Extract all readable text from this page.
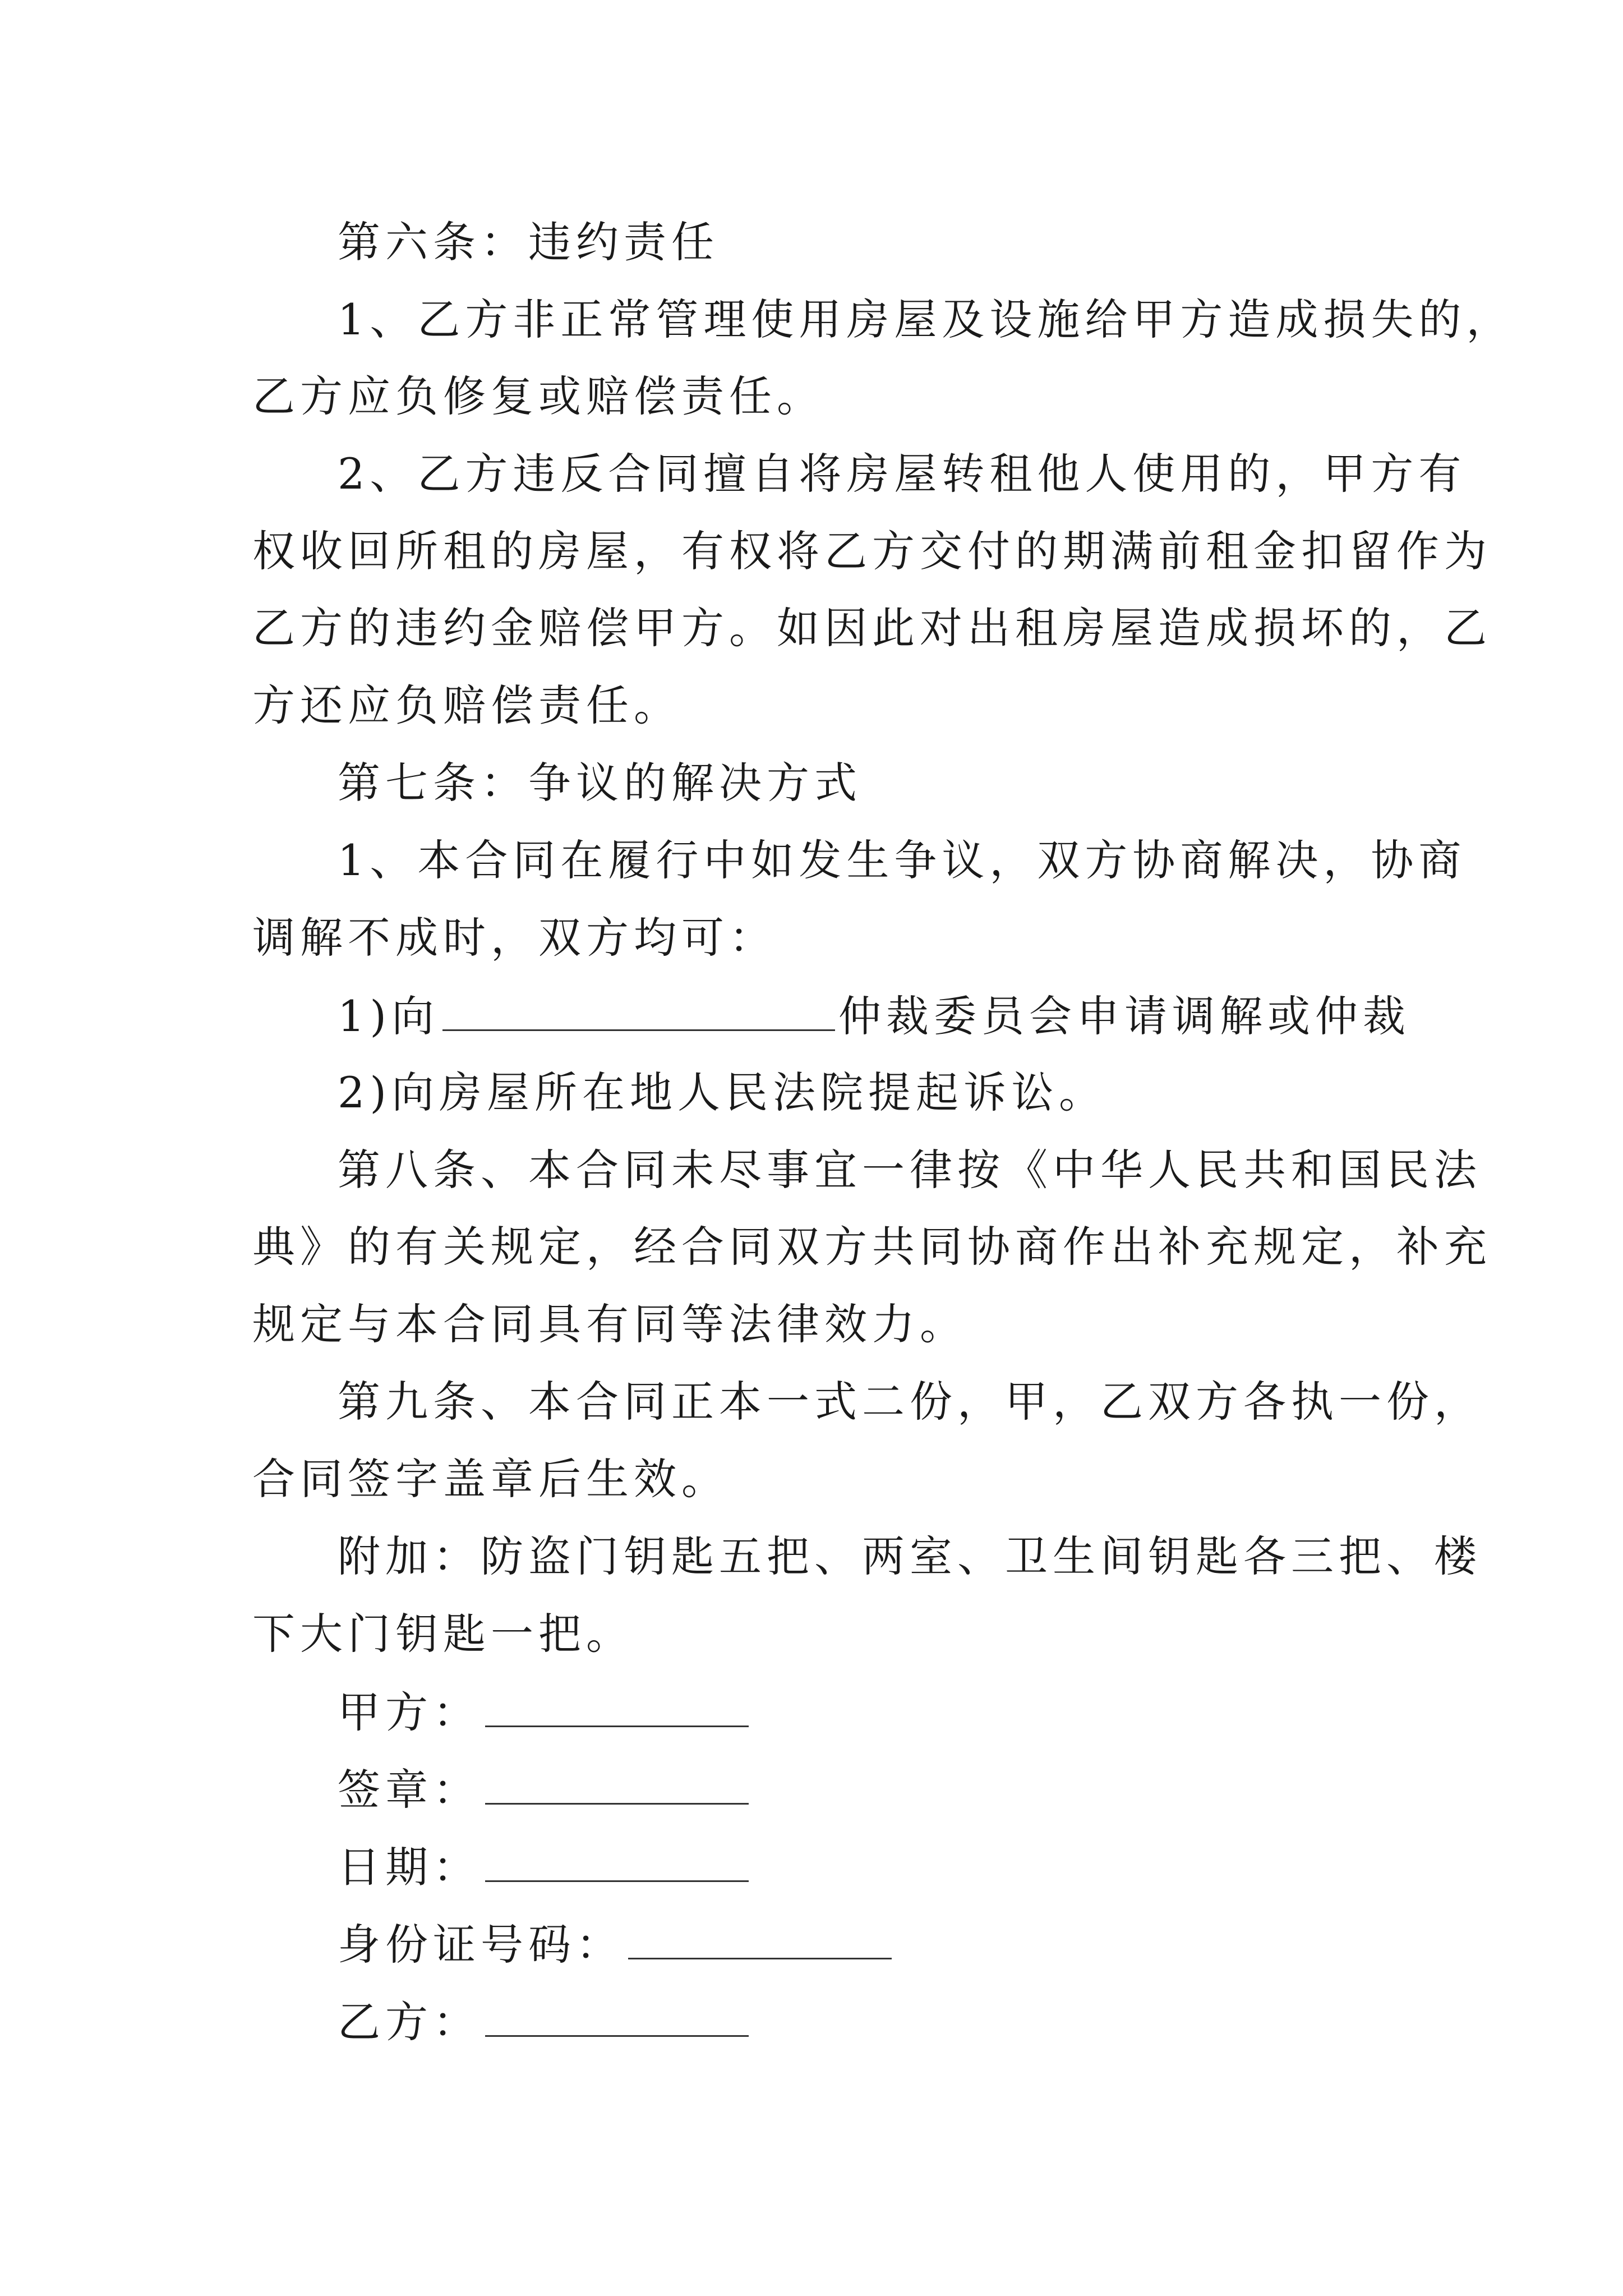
第六条：违约责任
1、乙方非正常管理使用房屋及设施给甲方造成损失的，
乙方应负修复或赔偿责任。
2、乙方违反合同擅自将房屋转租他人使用的，甲方有
权收回所租的房屋，有权将乙方交付的期满前租金扣留作为
乙方的违约金赔偿甲方。如因此对出租房屋造成损坏的，乙
方还应负赔偿责任。
第七条：争议的解决方式
1、本合同在履行中如发生争议，双方协商解决，协商
调解不成时，双方均可：
1)向	仲裁委员会申请调解或仲裁
2)向房屋所在地人民法院提起诉讼。
第八条、本合同未尽事宜一律按《中华人民共和国民法
典》的有关规定，经合同双方共同协商作出补充规定，补充
规定与本合同具有同等法律效力。
第九条、本合同正本一式二份，甲，乙双方各执一份，
合同签字盖章后生效。
附加：防盗门钥匙五把、两室、卫生间钥匙各三把、楼
下大门钥匙一把。
甲方：
签章：
日期：
身份证号码：
乙方：
